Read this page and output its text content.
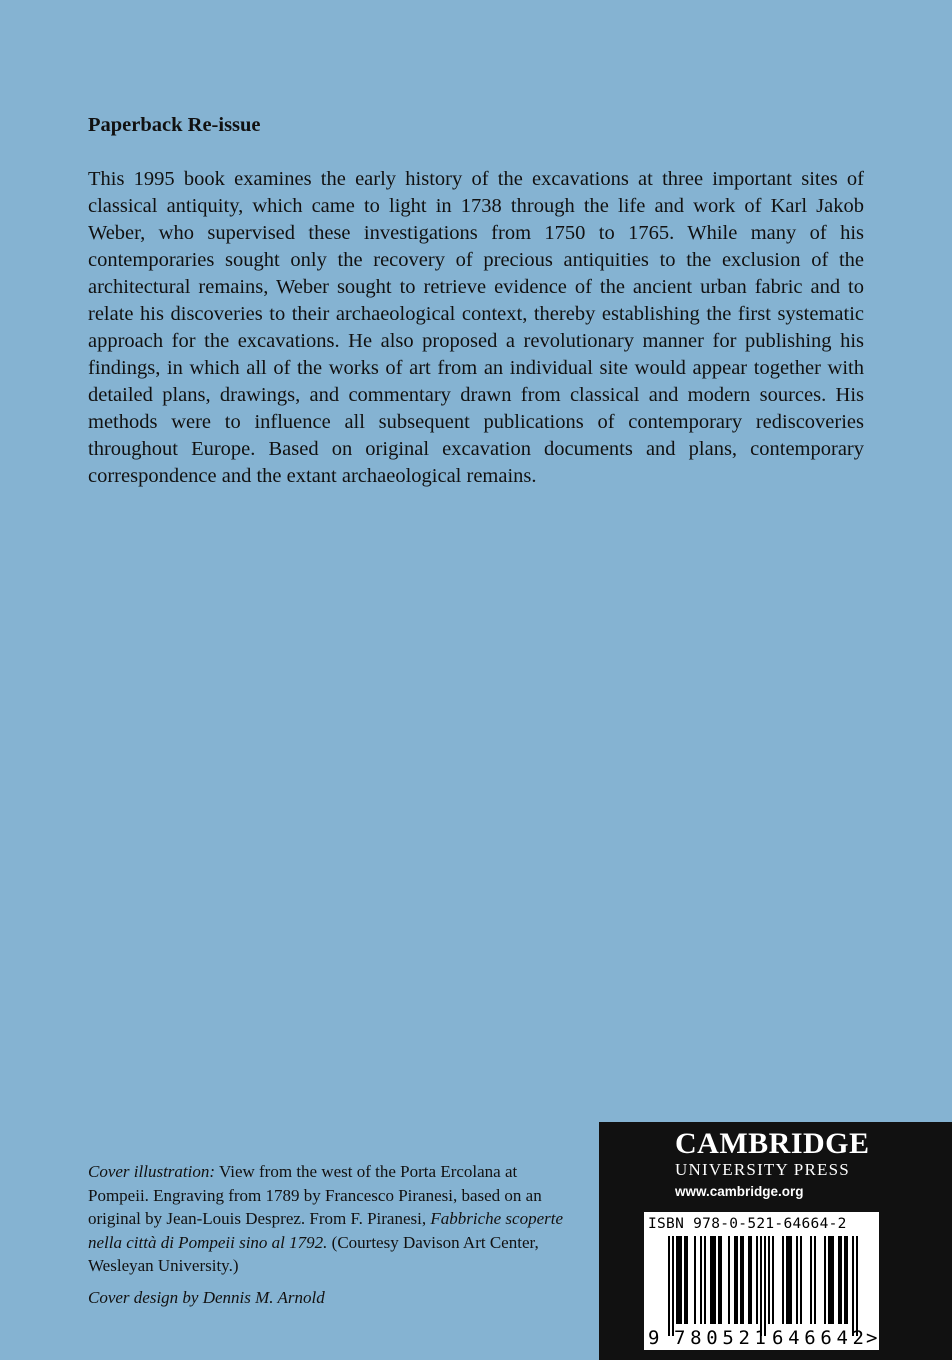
Paperback Re-issue

This 1995 book examines the early history of the excavations at three important sites of classical antiquity, which came to light in 1738 through the life and work of Karl Jakob Weber, who supervised these investigations from 1750 to 1765. While many of his contemporaries sought only the recovery of precious antiquities to the exclusion of the architectural remains, Weber sought to retrieve evidence of the ancient urban fabric and to relate his discoveries to their archaeological context, thereby establishing the first systematic approach for the excavations. He also proposed a revolutionary manner for publishing his findings, in which all of the works of art from an individual site would appear together with detailed plans, drawings, and commentary drawn from classical and modern sources. His methods were to influence all subsequent publications of contemporary rediscoveries throughout Europe. Based on original excavation documents and plans, contemporary correspondence and the extant archaeological remains.

Cover illustration: View from the west of the Porta Ercolana at Pompeii. Engraving from 1789 by Francesco Piranesi, based on an original by Jean-Louis Desprez. From F. Piranesi, Fabbriche scoperte nella città di Pompeii sino al 1792. (Courtesy Davison Art Center, Wesleyan University.)

Cover design by Dennis M. Arnold

CAMBRIDGE
UNIVERSITY PRESS
www.cambridge.org
ISBN 978-0-521-64664-2
9 780521 646642 >
